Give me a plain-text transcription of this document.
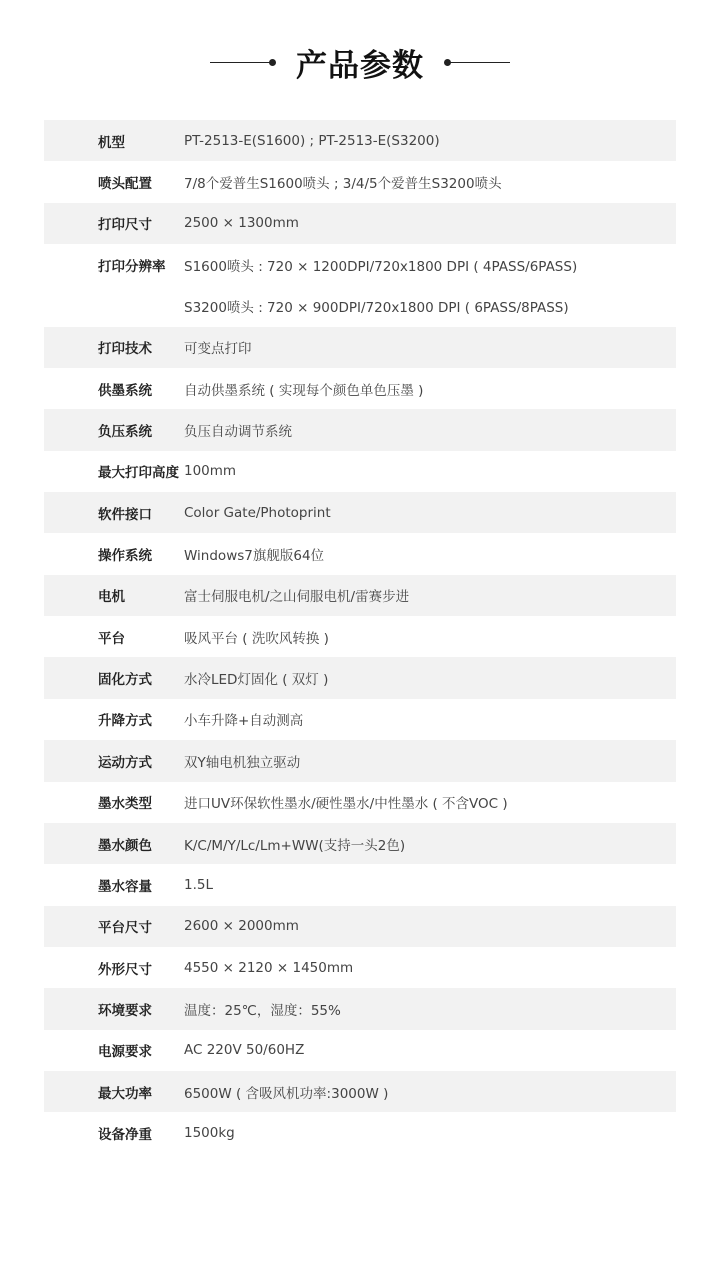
产品参数
机型	PT-2513-E(S1600) ; PT-2513-E(S3200)
喷头配置	7/8个爱普生S1600喷头 ; 3/4/5个爱普生S3200喷头
打印尺寸	2500 × 1300mm
打印分辨率	S1600喷头 : 720 × 1200DPI/720x1800 DPI ( 4PASS/6PASS)
S3200喷头 : 720 × 900DPI/720x1800 DPI ( 6PASS/8PASS)
打印技术	可变点打印
供墨系统	自动供墨系统 ( 实现每个颜色单色压墨 )
负压系统	负压自动调节系统
最大打印高度 100mm
软件接口	Color Gate/Photoprint
操作系统	Windows7旗舰版64位
电机	富士伺服电机/之山伺服电机/雷赛步进
平台	吸风平台 ( 洗吹风转换 )
固化方式	水冷LED灯固化 ( 双灯 )
升降方式	小车升降+自动测高
运动方式	双Y轴电机独立驱动
墨水类型	进口UV环保软性墨水/硬性墨水/中性墨水 ( 不含VOC )
墨水颜色	K/C/M/Y/Lc/Lm+WW(支持一头2色)
墨水容量	1.5L
平台尺寸	2600 × 2000mm
外形尺寸	4550 × 2120 × 1450mm
环境要求	温度：25℃，湿度：55%
电源要求	AC 220V 50/60HZ
最大功率	6500W ( 含吸风机功率:3000W )
设备净重	1500kg
